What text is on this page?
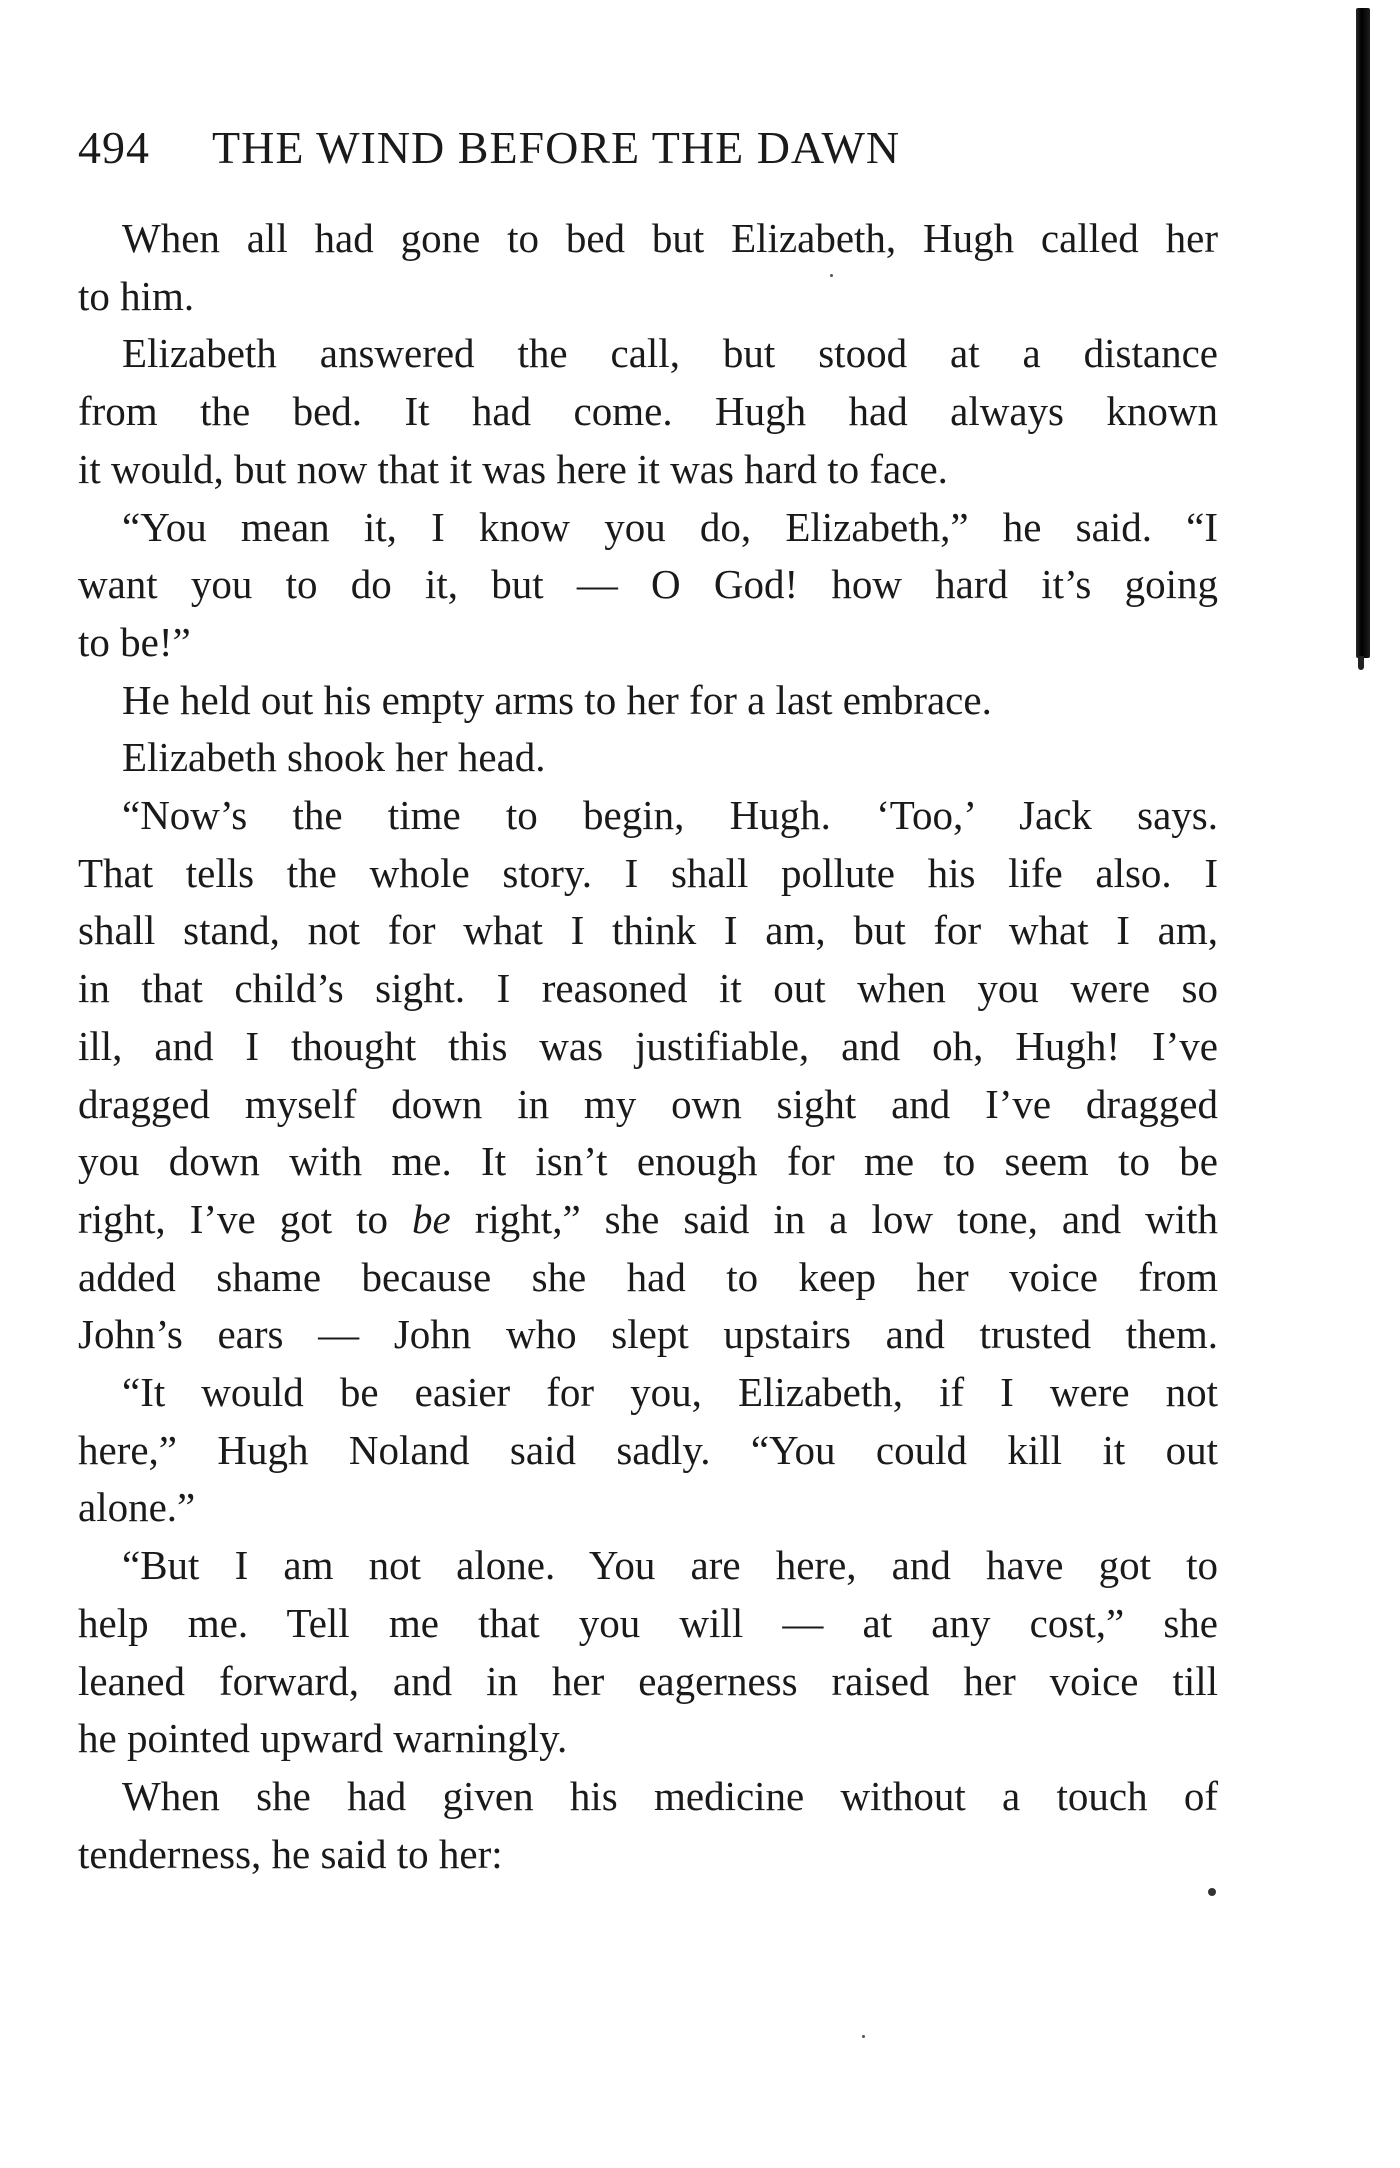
494 THE WIND BEFORE THE DAWN

When all had gone to bed but Elizabeth, Hugh called her
to him.

Elizabeth answered the call, but stood at a distance
from the bed. It had come. Hugh had always known
it would, but now that it was here it was hard to face.

“You mean it, I know you do, Elizabeth,” he said. “I
want you to do it, but — O God! how hard it’s going
to be!”

He held out his empty arms to her for a last embrace.

Elizabeth shook her head.

“Now’s the time to begin, Hugh. ‘Too,’ Jack says.
That tells the whole story. I shall pollute his life also. I
shall stand, not for what I think I am, but for what I am,
in that child’s sight. I reasoned it out when you were so
ill, and I thought this was justifiable, and oh, Hugh! I’ve
dragged myself down in my own sight and I’ve dragged
you down with me. It isn’t enough for me to seem to be
right, I’ve got to be right,” she said in a low tone, and with
added shame because she had to keep her voice from
John’s ears — John who slept upstairs and trusted them.

“It would be easier for you, Elizabeth, if I were not
here,” Hugh Noland said sadly. “You could kill it out
alone.”

“But I am not alone. You are here, and have got to
help me. Tell me that you will — at any cost,” she
leaned forward, and in her eagerness raised her voice till
he pointed upward warningly.

When she had given his medicine without a touch of
tenderness, he said to her:
